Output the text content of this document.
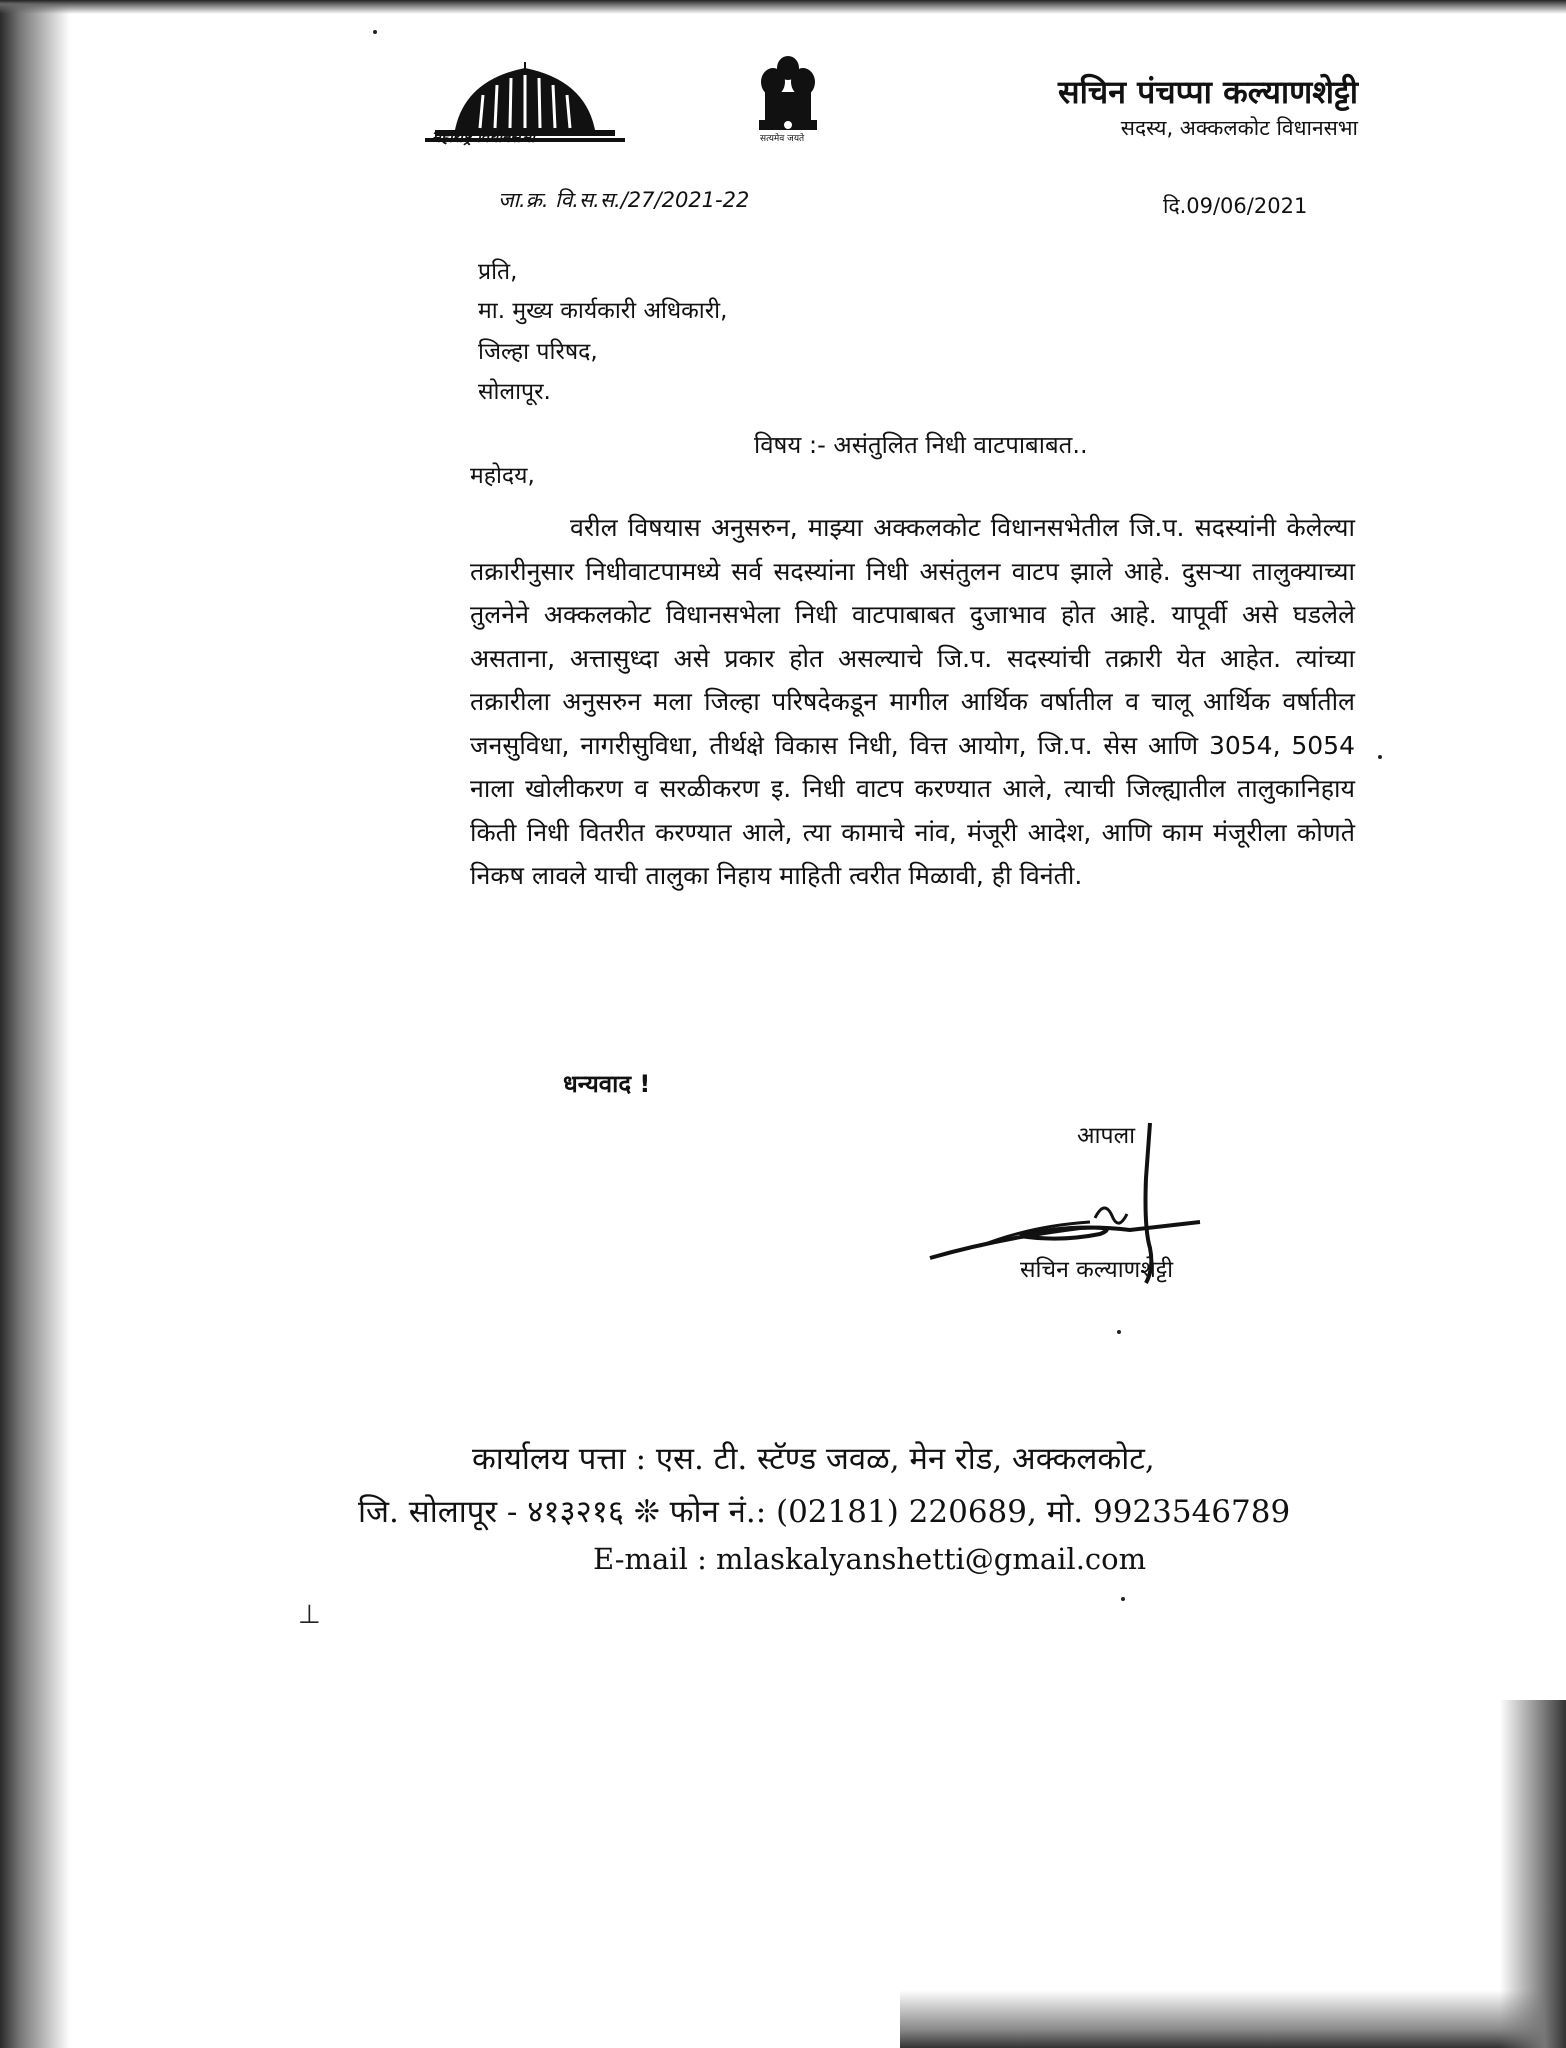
महाराष्ट्र विधानसभा	सत्यमेव जयते
सचिन पंचप्पा कल्याणशेट्टी
सदस्य, अक्कलकोट विधानसभा
जा.क्र. वि.स.स./27/2021-22	दि.09/06/2021
प्रति,
मा. मुख्य कार्यकारी अधिकारी,
जिल्हा परिषद,
सोलापूर.
विषय :- असंतुलित निधी वाटपाबाबत..
महोदय,
वरील विषयास अनुसरुन, माझ्या अक्कलकोट विधानसभेतील जि.प. सदस्यांनी केलेल्या तक्रारीनुसार निधीवाटपामध्ये सर्व सदस्यांना निधी असंतुलन वाटप झाले आहे. दुसऱ्या तालुक्याच्या तुलनेने अक्कलकोट विधानसभेला निधी वाटपाबाबत दुजाभाव होत आहे. यापूर्वी असे घडलेले असताना, अत्तासुध्दा असे प्रकार होत असल्याचे जि.प. सदस्यांची तक्रारी येत आहेत. त्यांच्या तक्रारीला अनुसरुन मला जिल्हा परिषदेकडून मागील आर्थिक वर्षातील व चालू आर्थिक वर्षातील जनसुविधा, नागरीसुविधा, तीर्थक्षे विकास निधी, वित्त आयोग, जि.प. सेस आणि 3054, 5054 नाला खोलीकरण व सरळीकरण इ. निधी वाटप करण्यात आले, त्याची जिल्ह्यातील तालुकानिहाय किती निधी वितरीत करण्यात आले, त्या कामाचे नांव, मंजूरी आदेश, आणि काम मंजूरीला कोणते निकष लावले याची तालुका निहाय माहिती त्वरीत मिळावी, ही विनंती.
धन्यवाद !
आपला
सचिन कल्याणशेट्टी
कार्यालय पत्ता : एस. टी. स्टॅण्ड जवळ, मेन रोड, अक्कलकोट,
जि. सोलापूर - ४१३२१६ ❊ फोन नं.: (02181) 220689, मो. 9923546789
E-mail : mlaskalyanshetti@gmail.com
⊥
